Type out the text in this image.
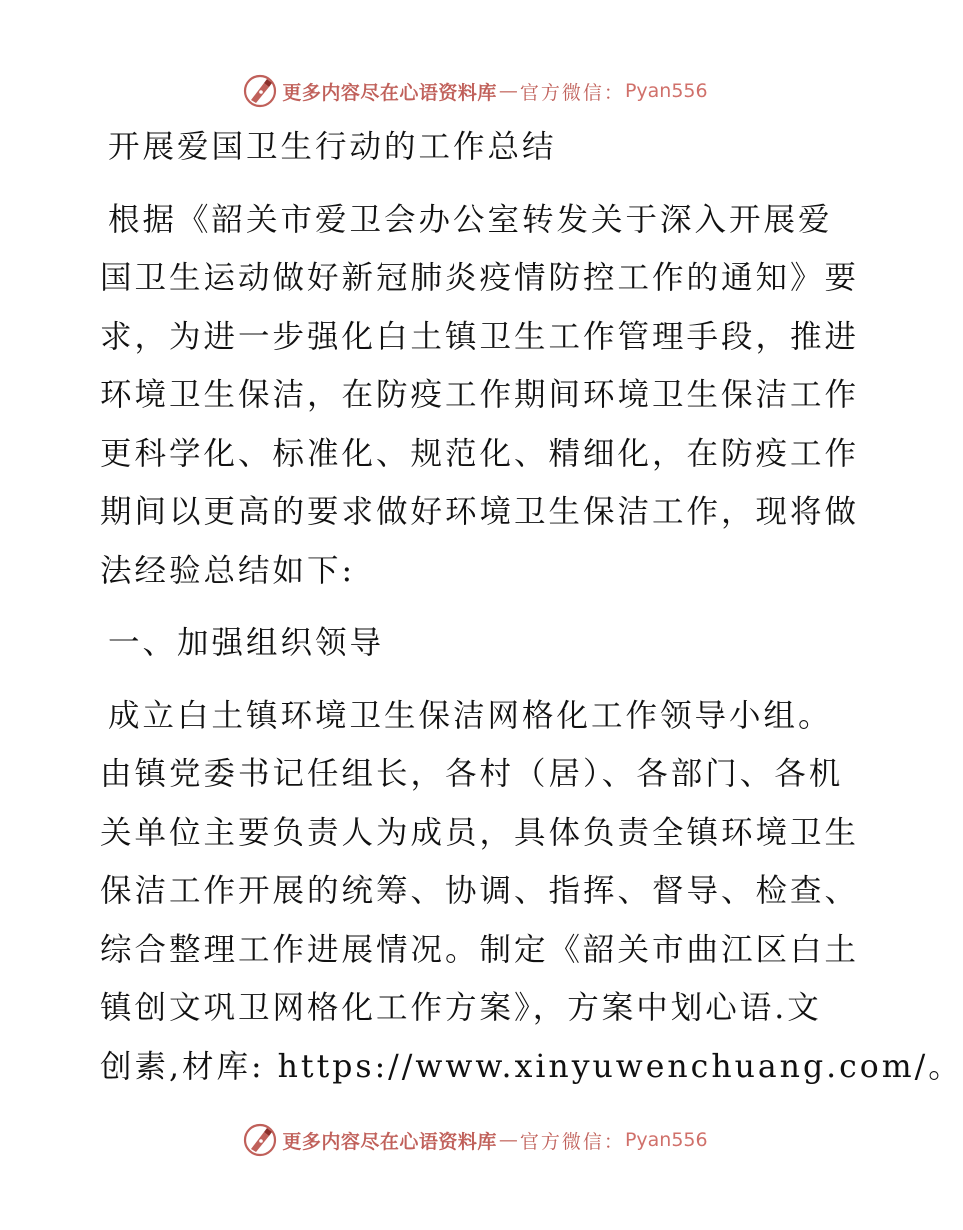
更多内容尽在心语资料库 — 官方微信： Pyan556
开展爱国卫生行动的工作总结
根据《韶关市爱卫会办公室转发关于深入开展爱
国卫生运动做好新冠肺炎疫情防控工作的通知》要
求，为进一步强化白土镇卫生工作管理手段，推进
环境卫生保洁，在防疫工作期间环境卫生保洁工作
更科学化、标准化、规范化、精细化，在防疫工作
期间以更高的要求做好环境卫生保洁工作，现将做
法经验总结如下:
一、加强组织领导
成立白土镇环境卫生保洁网格化工作领导小组。
由镇党委书记任组长，各村（居）、各部门、各机
关单位主要负责人为成员，具体负责全镇环境卫生
保洁工作开展的统筹、协调、指挥、督导、检查、
综合整理工作进展情况。制定《韶关市曲江区白土
镇创文巩卫网格化工作方案》，方案中划心语.文
创素,材库: https://www.xinyuwenchuang.com/。
更多内容尽在心语资料库 — 官方微信： Pyan556
